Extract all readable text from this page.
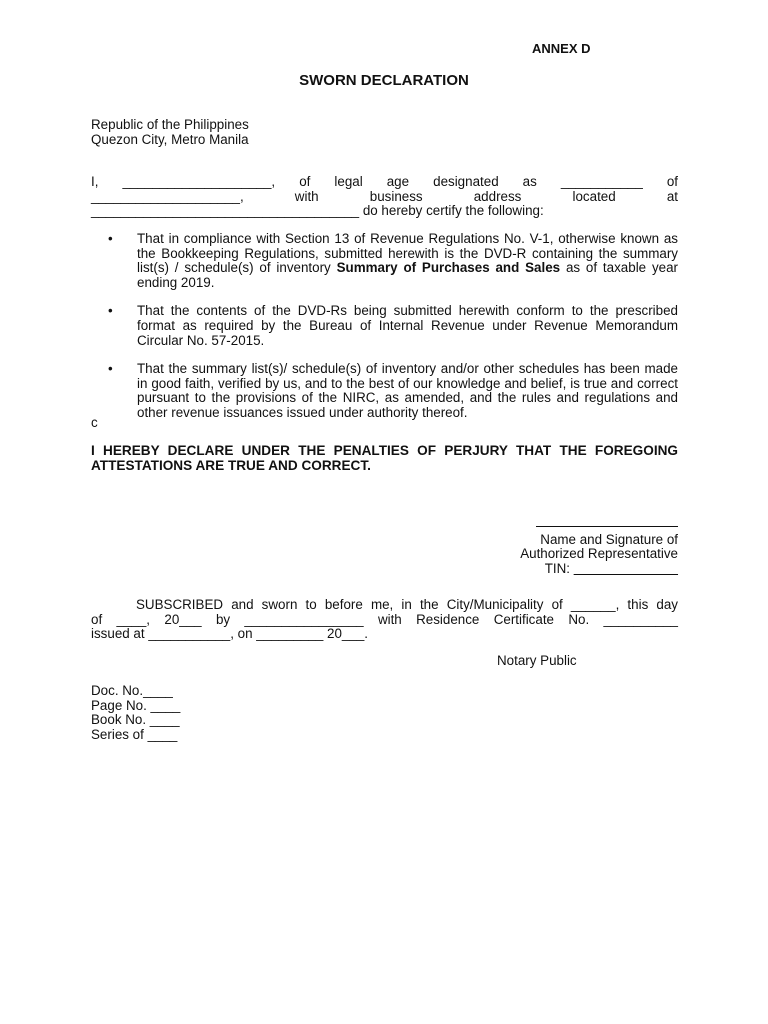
ANNEX D
SWORN DECLARATION
Republic of the Philippines
Quezon City, Metro Manila
I, ____________________, of legal age designated as ___________ of
____________________, with business address located at
____________________________________ do hereby certify the following:
• That in compliance with Section 13 of Revenue Regulations No. V-1, otherwise known as the Bookkeeping Regulations, submitted herewith is the DVD-R containing the summary list(s) / schedule(s) of inventory Summary of Purchases and Sales as of taxable year ending 2019.
• That the contents of the DVD-Rs being submitted herewith conform to the prescribed format as required by the Bureau of Internal Revenue under Revenue Memorandum Circular No. 57-2015.
• That the summary list(s)/ schedule(s) of inventory and/or other schedules has been made in good faith, verified by us, and to the best of our knowledge and belief, is true and correct pursuant to the provisions of the NIRC, as amended, and the rules and regulations and other revenue issuances issued under authority thereof.
c
I HEREBY DECLARE UNDER THE PENALTIES OF PERJURY THAT THE FOREGOING ATTESTATIONS ARE TRUE AND CORRECT.
Name and Signature of
Authorized Representative
TIN: ______________
SUBSCRIBED and sworn to before me, in the City/Municipality of ______, this day
of ____, 20___ by ________________ with Residence Certificate No. __________
issued at ___________, on _________ 20___.
Notary Public
Doc. No.____
Page No. ____
Book No. ____
Series of ____
